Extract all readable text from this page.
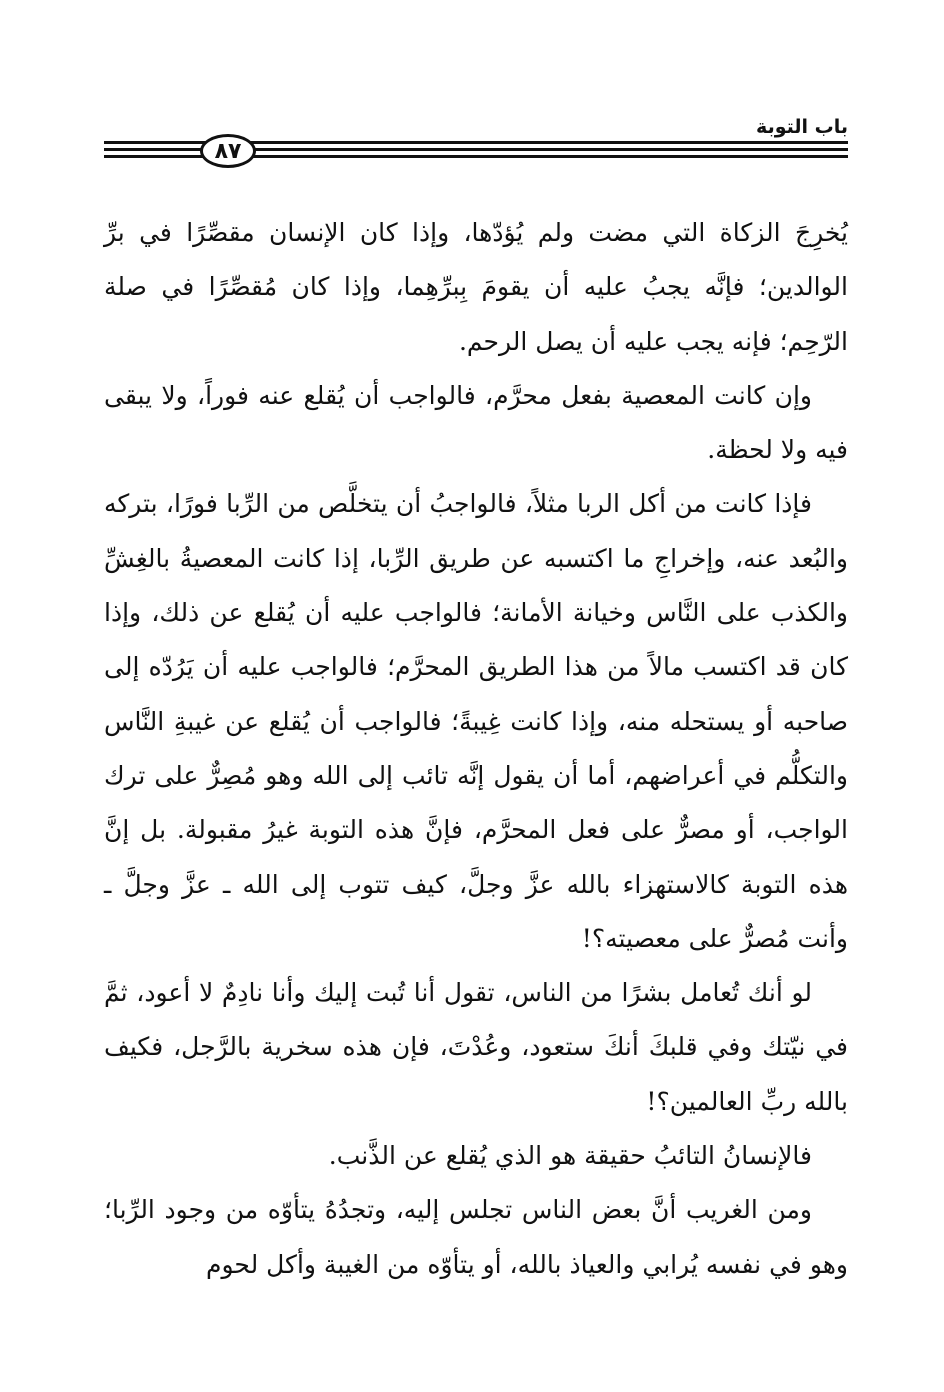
باب التوبة
٨٧

يُخرِجَ الزكاة التي مضت ولم يُؤدّها، وإذا كان الإنسان مقصِّرًا في برِّ الوالدين؛ فإنَّه يجبُ عليه أن يقومَ بِبرِّهِما، وإذا كان مُقصِّرًا في صلة الرّحِم؛ فإنه يجب عليه أن يصل الرحم.

وإن كانت المعصية بفعل محرَّم، فالواجب أن يُقلع عنه فوراً، ولا يبقى فيه ولا لحظة.

فإذا كانت من أكل الربا مثلاً، فالواجبُ أن يتخلَّص من الرِّبا فورًا، بتركه والبُعد عنه، وإخراجِ ما اكتسبه عن طريق الرِّبا، إذا كانت المعصيةُ بالغِشِّ والكذب على النَّاس وخيانة الأمانة؛ فالواجب عليه أن يُقلع عن ذلك، وإذا كان قد اكتسب مالاً من هذا الطريق المحرَّم؛ فالواجب عليه أن يَرُدّه إلى صاحبه أو يستحله منه، وإذا كانت غِيبةً؛ فالواجب أن يُقلع عن غيبةِ النَّاس والتكلُّم في أعراضهم، أما أن يقول إنَّه تائب إلى الله وهو مُصِرٌّ على ترك الواجب، أو مصرٌّ على فعل المحرَّم، فإنَّ هذه التوبة غيرُ مقبولة. بل إنَّ هذه التوبة كالاستهزاء بالله عزَّ وجلَّ، كيف تتوب إلى الله ـ عزَّ وجلَّ ـ وأنت مُصرٌّ على معصيته؟!

لو أنك تُعامل بشرًا من الناس، تقول أنا تُبت إليك وأنا نادِمٌ لا أعود، ثمَّ في نيّتك وفي قلبكَ أنكَ ستعود، وعُدْتَ، فإن هذه سخرية بالرَّجل، فكيف بالله ربِّ العالمين؟!

فالإنسانُ التائبُ حقيقة هو الذي يُقلع عن الذَّنب.

ومن الغريب أنَّ بعض الناس تجلس إليه، وتجدُهُ يتأوّه من وجود الرِّبا؛ وهو في نفسه يُرابي والعياذ بالله، أو يتأوّه من الغيبة وأكل لحوم
